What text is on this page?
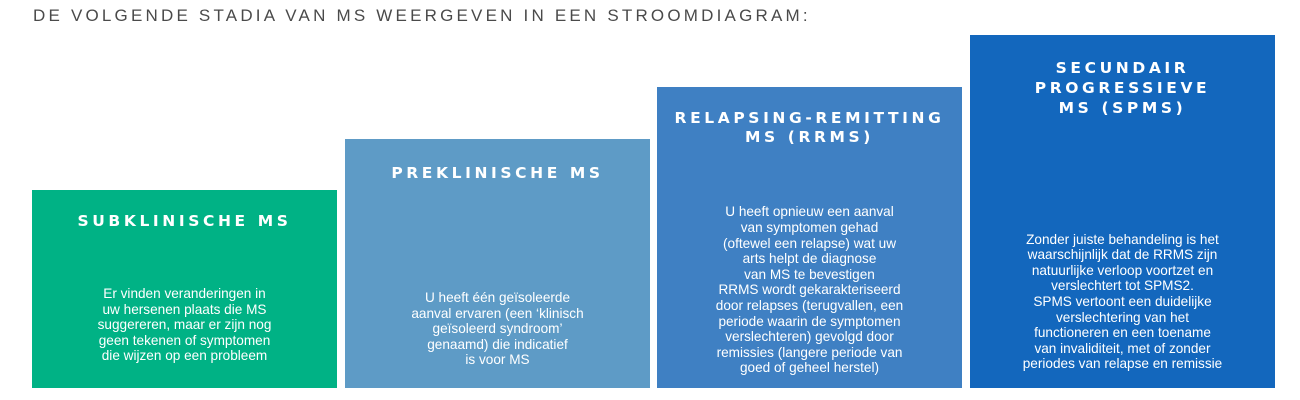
DE VOLGENDE STADIA VAN MS WEERGEVEN IN EEN STROOMDIAGRAM:
SUBKLINISCHE MS
Er vinden veranderingen in
uw hersenen plaats die MS
suggereren, maar er zijn nog
geen tekenen of symptomen
die wijzen op een probleem
PREKLINISCHE MS
U heeft één geïsoleerde
aanval ervaren (een ‘klinisch
geïsoleerd syndroom’
genaamd) die indicatief
is voor MS
RELAPSING-REMITTING
MS (RRMS)
U heeft opnieuw een aanval
van symptomen gehad
(oftewel een relapse) wat uw
arts helpt de diagnose
van MS te bevestigen
RRMS wordt gekarakteriseerd
door relapses (terugvallen, een
periode waarin de symptomen
verslechteren) gevolgd door
remissies (langere periode van
goed of geheel herstel)
SECUNDAIR
PROGRESSIEVE
MS (SPMS)
Zonder juiste behandeling is het
waarschijnlijk dat de RRMS zijn
natuurlijke verloop voortzet en
verslechtert tot SPMS2.
SPMS vertoont een duidelijke
verslechtering van het
functioneren en een toename
van invaliditeit, met of zonder
periodes van relapse en remissie
